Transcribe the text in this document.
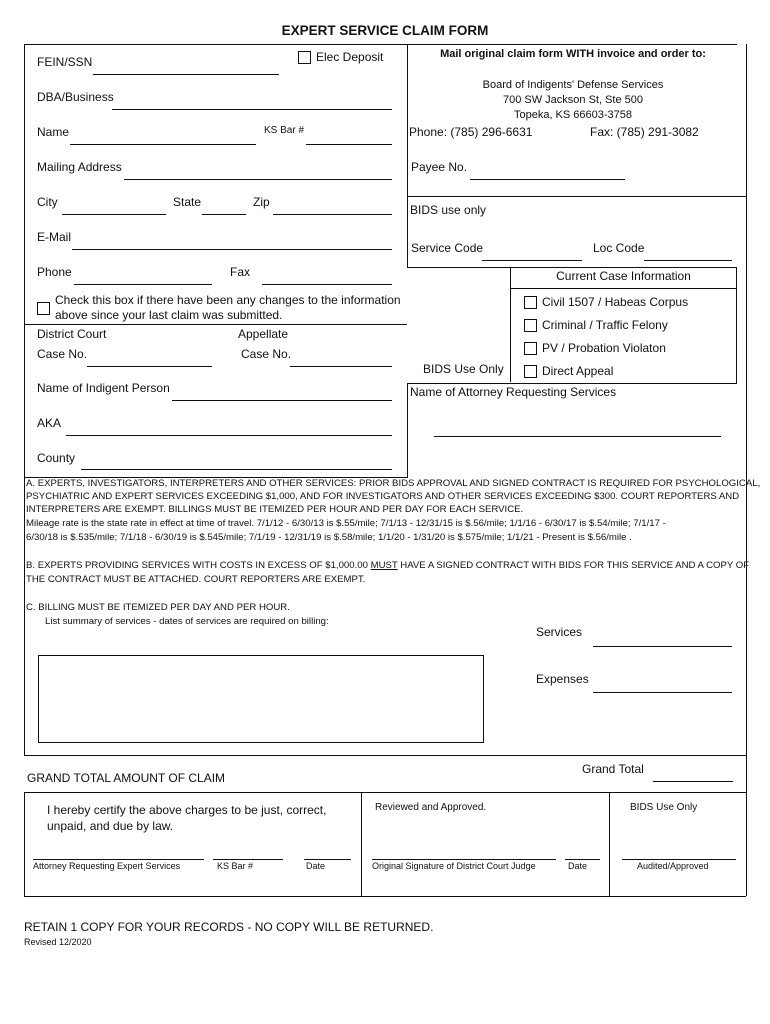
EXPERT SERVICE CLAIM FORM
FEIN/SSN	Elec Deposit
DBA/Business
Name	KS Bar #
Mailing Address
City	State	Zip
E-Mail
Phone	Fax
Check this box if there have been any changes to the information
above since your last claim was submitted.
District Court
Case No.
Appellate
Case No.
Name of Indigent Person
AKA
County
Mail original claim form WITH invoice and order to:
Board of Indigents' Defense Services
700 SW Jackson St, Ste 500
Topeka, KS 66603-3758
Phone: (785) 296-6631	Fax: (785) 291-3082
Payee No.
BIDS use only
Service Code	Loc Code
Current Case Information
BIDS Use Only
Civil 1507 / Habeas Corpus
Criminal / Traffic Felony
PV / Probation Violaton
Direct Appeal
Name of Attorney Requesting Services
A. EXPERTS, INVESTIGATORS, INTERPRETERS AND OTHER SERVICES: PRIOR BIDS APPROVAL AND SIGNED CONTRACT IS REQUIRED FOR PSYCHOLOGICAL,
PSYCHIATRIC AND EXPERT SERVICES EXCEEDING $1,000, AND FOR INVESTIGATORS AND OTHER SERVICES EXCEEDING $300. COURT REPORTERS AND
INTERPRETERS ARE EXEMPT. BILLINGS MUST BE ITEMIZED PER HOUR AND PER DAY FOR EACH SERVICE.
Mileage rate is the state rate in effect at time of travel. 7/1/12 - 6/30/13 is $.55/mile; 7/1/13 - 12/31/15 is $.56/mile; 1/1/16 - 6/30/17 is $.54/mile; 7/1/17 -
6/30/18 is $.535/mile; 7/1/18 - 6/30/19 is $.545/mile; 7/1/19 - 12/31/19 is $.58/mile; 1/1/20 - 1/31/20 is $.575/mile; 1/1/21 - Present is $.56/mile .
B. EXPERTS PROVIDING SERVICES WITH COSTS IN EXCESS OF $1,000.00 MUST HAVE A SIGNED CONTRACT WITH BIDS FOR THIS SERVICE AND A COPY OF
THE CONTRACT MUST BE ATTACHED. COURT REPORTERS ARE EXEMPT.
C. BILLING MUST BE ITEMIZED PER DAY AND PER HOUR.
List summary of services - dates of services are required on billing:
Services
Expenses
GRAND TOTAL AMOUNT OF CLAIM
Grand Total
I hereby certify the above charges to be just, correct,
unpaid, and due by law.
Reviewed and Approved.	BIDS Use Only
Attorney Requesting Expert Services	KS Bar #	Date	Original Signature of District Court Judge	Date	Audited/Approved
RETAIN 1 COPY FOR YOUR RECORDS - NO COPY WILL BE RETURNED.
Revised 12/2020
